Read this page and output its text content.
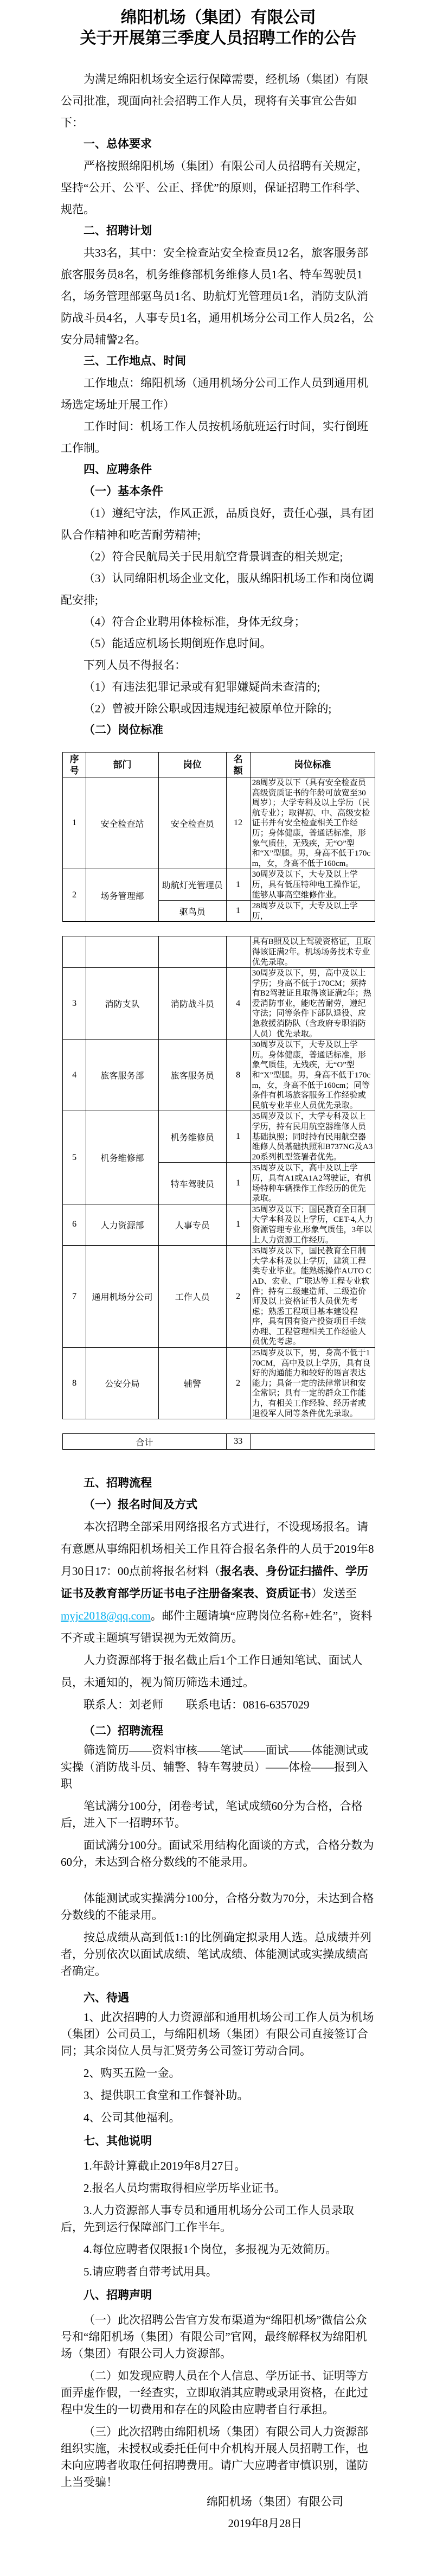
绵阳机场（集团）有限公司
关于开展第三季度人员招聘工作的公告

为满足绵阳机场安全运行保障需要，经机场（集团）有限公司批准，现面向社会招聘工作人员，现将有关事宜公告如下：

一、总体要求

严格按照绵阳机场（集团）有限公司人员招聘有关规定，坚持“公开、公平、公正、择优”的原则，保证招聘工作科学、规范。

二、招聘计划

共33名，其中：安全检查站安全检查员12名，旅客服务部旅客服务员8名，机务维修部机务维修人员1名、特车驾驶员1名，场务管理部驱鸟员1名、助航灯光管理员1名，消防支队消防战斗员4名，人事专员1名，通用机场分公司工作人员2名，公安分局辅警2名。

三、工作地点、时间

工作地点：绵阳机场（通用机场分公司工作人员到通用机场选定场址开展工作）

工作时间：机场工作人员按机场航班运行时间，实行倒班工作制。

四、应聘条件
（一）基本条件

（1）遵纪守法，作风正派，品质良好，责任心强，具有团队合作精神和吃苦耐劳精神;

（2）符合民航局关于民用航空背景调查的相关规定;

（3）认同绵阳机场企业文化，服从绵阳机场工作和岗位调配安排;

（4）符合企业聘用体检标准，身体无纹身；

（5）能适应机场长期倒班作息时间。

下列人员不得报名：

（1）有违法犯罪记录或有犯罪嫌疑尚未查清的;

（2）曾被开除公职或因违规违纪被原单位开除的;

（二）岗位标准
序号	部门	岗位	名额	岗位标准
1	安全检查站	安全检查员	12	28周岁及以下（具有安全检查员高级资质证书的年龄可放宽至30周岁）；大学专科及以上学历（民航专业）；取得初、中、高级安检证书并有安全检查相关工作经历；身体健康，普通话标准，形象气质佳，无残疾，无“O”型和“X”型腿。男，身高不低于170cm，女，身高不低于160cm。
2	场务管理部	助航灯光管理员	1	30周岁及以下，大专及以上学历，具有低压特种电工操作证，能够从事高空维修作业。
		驱鸟员	1	28周岁及以下，大专及以上学历，
				具有B照及以上驾驶资格证，且取得该证满2年。机场场务技术专业优先录取。
3	消防支队	消防战斗员	4	30周岁及以下，男，高中及以上学历；身高不低于170CM；须持有B2驾驶证且取得该证满2年；热爱消防事业，能吃苦耐劳，遵纪守法；同等条件下部队退役、应急救援消防队（含政府专职消防人员）优先录取。
4	旅客服务部	旅客服务员	8	30周岁及以下，大专及以上学历。身体健康，普通话标准，形象气质佳，无残疾，无“O”型和“X”型腿。男，身高不低于170cm，女，身高不低于160cm；同等条件有机场旅客服务工作经验或民航专业毕业人员优先录取。
5	机务维修部	机务维修员	1	35周岁及以下，大学专科及以上学历，持有民用航空器维修人员基础执照；同时持有民用航空器维修人员基础执照和B737NG及A320系列机型签署者优先。
		特车驾驶员	1	35周岁及以下，高中及以上学历，具有A1或A1A2驾驶证，有机场特种车辆操作工作经历的优先录取。
6	人力资源部	人事专员	1	35周岁及以下；国民教育全日制大学本科及以上学历，CET-4,人力资源管理专业,形象气质佳，3年以上人力资源工作经历。
7	通用机场分公司	工作人员	2	35周岁及以下，国民教育全日制大学本科及以上学历，建筑工程类专业毕业。能熟练操作AUTO CAD、宏业、广联达等工程专业软件；持有二级建造师、二级造价师及以上资格证书人员优先考虑；熟悉工程项目基本建设程序，具有国有资产投资项目手续办理、工程管理相关工作经验人员优先考虑。
8	公安分局	辅警	2	25周岁及以下，男，身高不低于170CM，高中及以上学历，具有良好的沟通能力和较好的语言表达能力；具备一定的法律常识和安全常识；具有一定的群众工作能力，有相关工作经验、经历者或退役军人同等条件优先录取。
合计	33	
五、招聘流程
（一）报名时间及方式

本次招聘全部采用网络报名方式进行，不设现场报名。请有意愿从事绵阳机场相关工作且符合报名条件的人员于2019年8月30日17：00点前将报名材料（报名表、身份证扫描件、学历证书及教育部学历证书电子注册备案表、资质证书）发送至myjc2018@qq.com。邮件主题请填“应聘岗位名称+姓名”，资料不齐或主题填写错误视为无效简历。

人力资源部将于报名截止后1个工作日通知笔试、面试人员，未通知的，视为简历筛选未通过。

联系人：刘老师　　联系电话：0816-6357029

（二）招聘流程

筛选简历——资料审核——笔试——面试——体能测试或实操（消防战斗员、辅警、特车驾驶员）——体检——报到入职

笔试满分100分，闭卷考试，笔试成绩60分为合格，合格后，进入下一招聘环节。

面试满分100分。面试采用结构化面谈的方式，合格分数为60分，未达到合格分数线的不能录用。

体能测试或实操满分100分，合格分数为70分，未达到合格分数线的不能录用。

按总成绩从高到低1:1的比例确定拟录用人选。总成绩并列者，分别依次以面试成绩、笔试成绩、体能测试或实操成绩高者确定。

六、待遇

1、此次招聘的人力资源部和通用机场公司工作人员为机场（集团）公司员工，与绵阳机场（集团）有限公司直接签订合同；其余岗位人员与汇贤劳务公司签订劳动合同。

2、购买五险一金。

3、提供职工食堂和工作餐补助。

4、公司其他福利。

七、其他说明

1.年龄计算截止2019年8月27日。

2.报名人员均需取得相应学历毕业证书。

3.人力资源部人事专员和通用机场分公司工作人员录取后，先到运行保障部门工作半年。

4.每位应聘者仅限报1个岗位，多报视为无效简历。

5.请应聘者自带考试用具。

八、招聘声明

（一）此次招聘公告官方发布渠道为“绵阳机场”微信公众号和“绵阳机场（集团）有限公司”官网，最终解释权为绵阳机场（集团）有限公司人力资源部。

（二）如发现应聘人员在个人信息、学历证书、证明等方面弄虚作假，一经查实，立即取消其应聘或录用资格，在此过程中发生的一切费用和存在的风险由应聘者自行承担。

（三）此次招聘由绵阳机场（集团）有限公司人力资源部组织实施，未授权或委托任何中介机构开展人员招聘工作，也未向应聘者收取任何招聘费用。请广大应聘者审慎识别，谨防上当受骗！

绵阳机场（集团）有限公司

2019年8月28日
